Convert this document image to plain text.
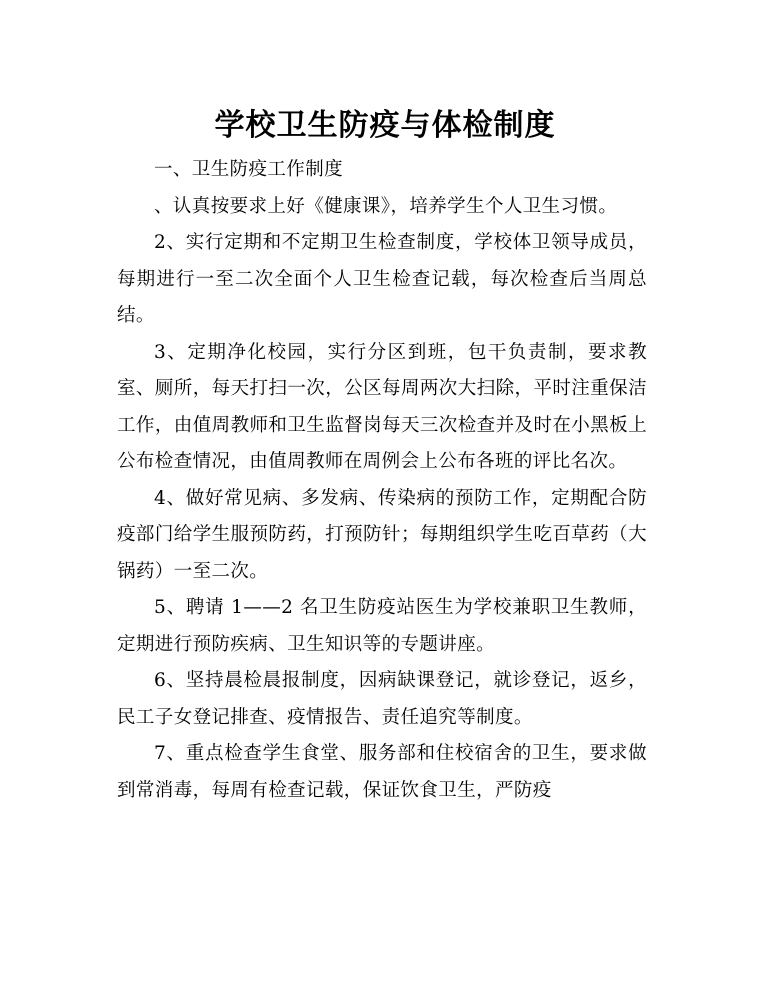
学校卫生防疫与体检制度

一、卫生防疫工作制度

、认真按要求上好《健康课》，培养学生个人卫生习惯。

2、实行定期和不定期卫生检查制度，学校体卫领导成员，每期进行一至二次全面个人卫生检查记载，每次检查后当周总结。

3、定期净化校园，实行分区到班，包干负责制，要求教室、厕所，每天打扫一次，公区每周两次大扫除，平时注重保洁工作，由值周教师和卫生监督岗每天三次检查并及时在小黑板上公布检查情况，由值周教师在周例会上公布各班的评比名次。

4、做好常见病、多发病、传染病的预防工作，定期配合防疫部门给学生服预防药，打预防针；每期组织学生吃百草药（大锅药）一至二次。

5、聘请 1——2 名卫生防疫站医生为学校兼职卫生教师，定期进行预防疾病、卫生知识等的专题讲座。

6、坚持晨检晨报制度，因病缺课登记，就诊登记，返乡，民工子女登记排查、疫情报告、责任追究等制度。

7、重点检查学生食堂、服务部和住校宿舍的卫生，要求做到常消毒，每周有检查记载，保证饮食卫生，严防疫
